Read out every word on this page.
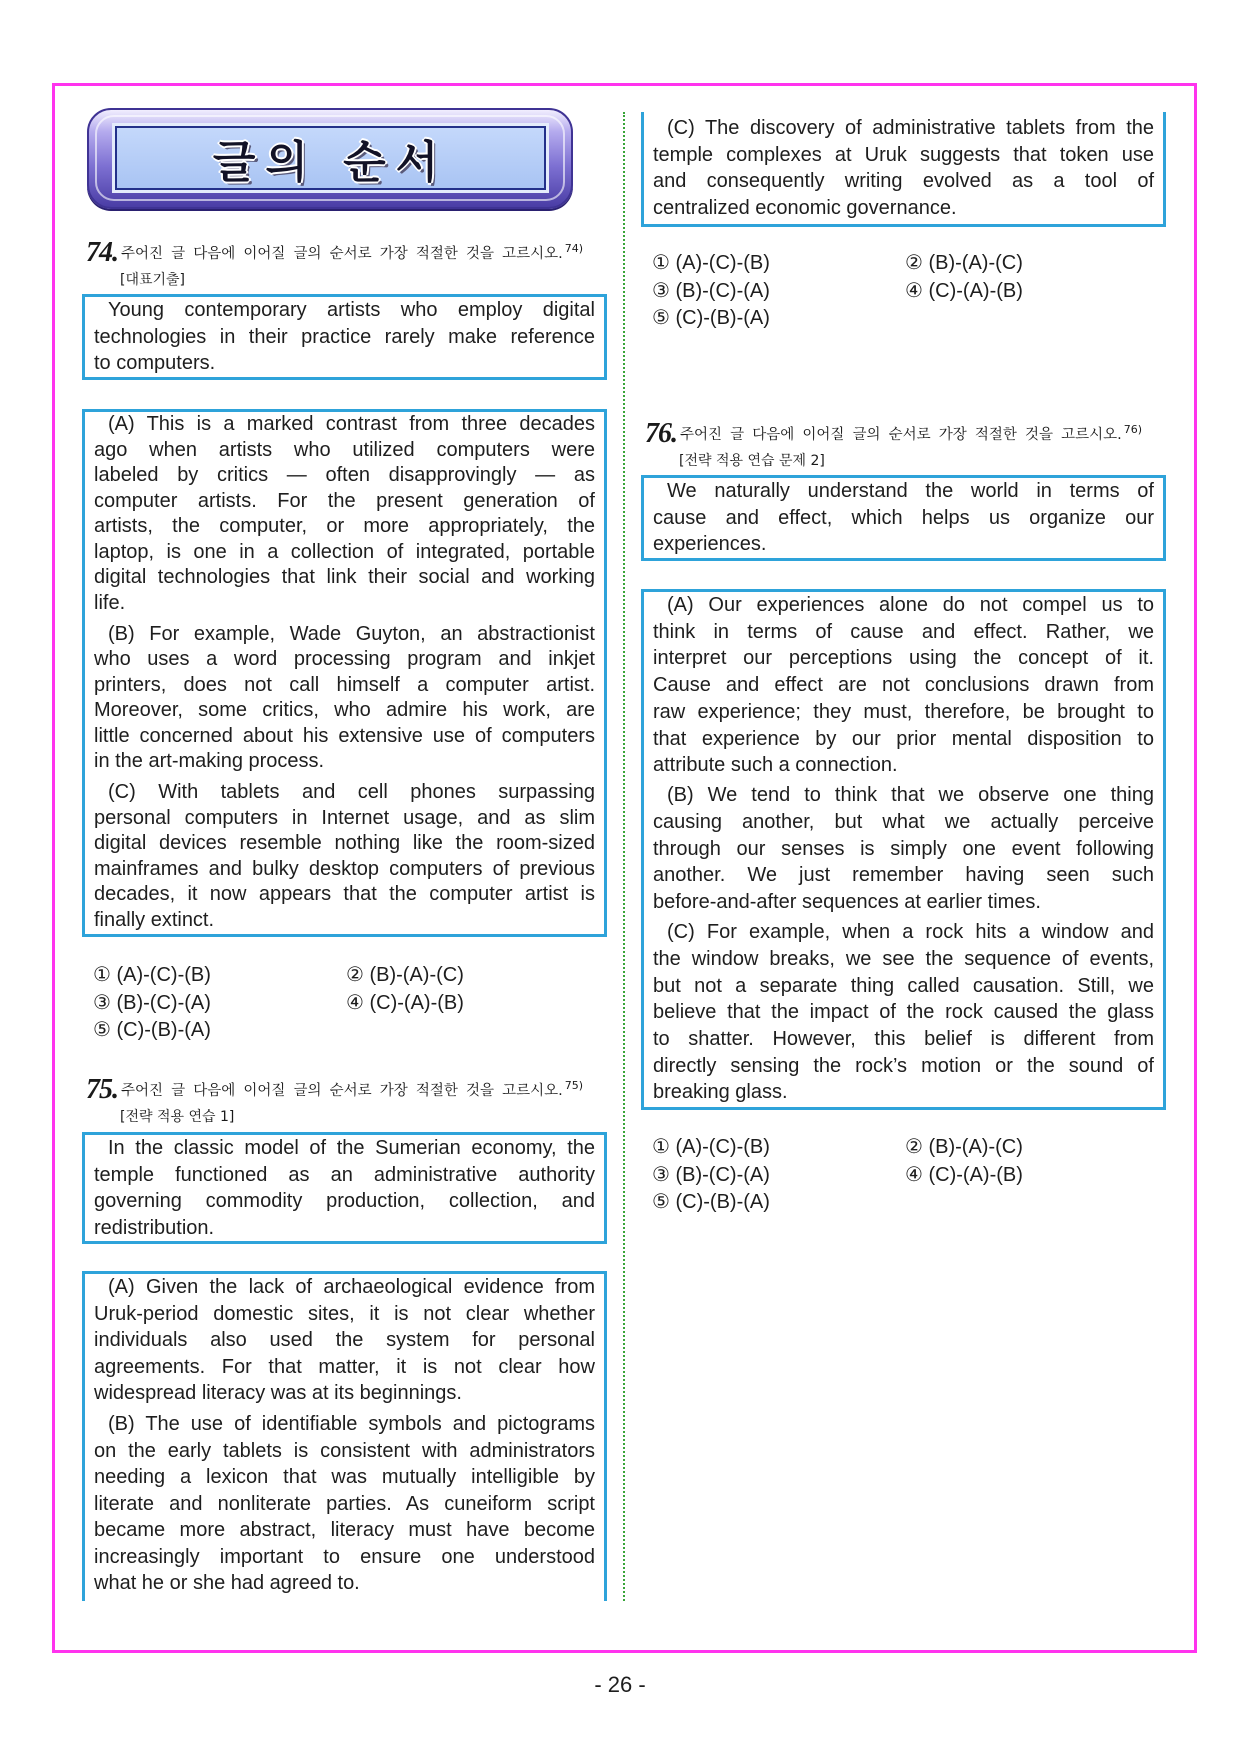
글의 순서
74. 주어진 글 다음에 이어질 글의 순서로 가장 적절한 것을 고르시오. $^{74)}$
[대표기출]
Young contemporary artists who employ digital
technologies in their practice rarely make reference
to computers.
(A) This is a marked contrast from three decades
ago when artists who utilized computers were
labeled by critics — often disapprovingly — as
computer artists. For the present generation of
artists, the computer, or more appropriately, the
laptop, is one in a collection of integrated, portable
digital technologies that link their social and working
life.
(B) For example, Wade Guyton, an abstractionist
who uses a word processing program and inkjet
printers, does not call himself a computer artist.
Moreover, some critics, who admire his work, are
little concerned about his extensive use of computers
in the art-making process.
(C) With tablets and cell phones surpassing
personal computers in Internet usage, and as slim
digital devices resemble nothing like the room-sized
mainframes and bulky desktop computers of previous
decades, it now appears that the computer artist is
finally extinct.
① (A)-(C)-(B)	② (B)-(A)-(C)
③ (B)-(C)-(A)	④ (C)-(A)-(B)
⑤ (C)-(B)-(A)
75. 주어진 글 다음에 이어질 글의 순서로 가장 적절한 것을 고르시오. $^{75)}$
[전략 적용 연습 1]
In the classic model of the Sumerian economy, the
temple functioned as an administrative authority
governing commodity production, collection, and
redistribution.
(A) Given the lack of archaeological evidence from
Uruk-period domestic sites, it is not clear whether
individuals also used the system for personal
agreements. For that matter, it is not clear how
widespread literacy was at its beginnings.
(B) The use of identifiable symbols and pictograms
on the early tablets is consistent with administrators
needing a lexicon that was mutually intelligible by
literate and nonliterate parties. As cuneiform script
became more abstract, literacy must have become
increasingly important to ensure one understood
what he or she had agreed to.
(C) The discovery of administrative tablets from the
temple complexes at Uruk suggests that token use
and consequently writing evolved as a tool of
centralized economic governance.
① (A)-(C)-(B)	② (B)-(A)-(C)
③ (B)-(C)-(A)	④ (C)-(A)-(B)
⑤ (C)-(B)-(A)
76. 주어진 글 다음에 이어질 글의 순서로 가장 적절한 것을 고르시오. $^{76)}$
[전략 적용 연습 문제 2]
We naturally understand the world in terms of
cause and effect, which helps us organize our
experiences.
(A) Our experiences alone do not compel us to
think in terms of cause and effect. Rather, we
interpret our perceptions using the concept of it.
Cause and effect are not conclusions drawn from
raw experience; they must, therefore, be brought to
that experience by our prior mental disposition to
attribute such a connection.
(B) We tend to think that we observe one thing
causing another, but what we actually perceive
through our senses is simply one event following
another. We just remember having seen such
before-and-after sequences at earlier times.
(C) For example, when a rock hits a window and
the window breaks, we see the sequence of events,
but not a separate thing called causation. Still, we
believe that the impact of the rock caused the glass
to shatter. However, this belief is different from
directly sensing the rock’s motion or the sound of
breaking glass.
① (A)-(C)-(B)	② (B)-(A)-(C)
③ (B)-(C)-(A)	④ (C)-(A)-(B)
⑤ (C)-(B)-(A)
- 26 -
